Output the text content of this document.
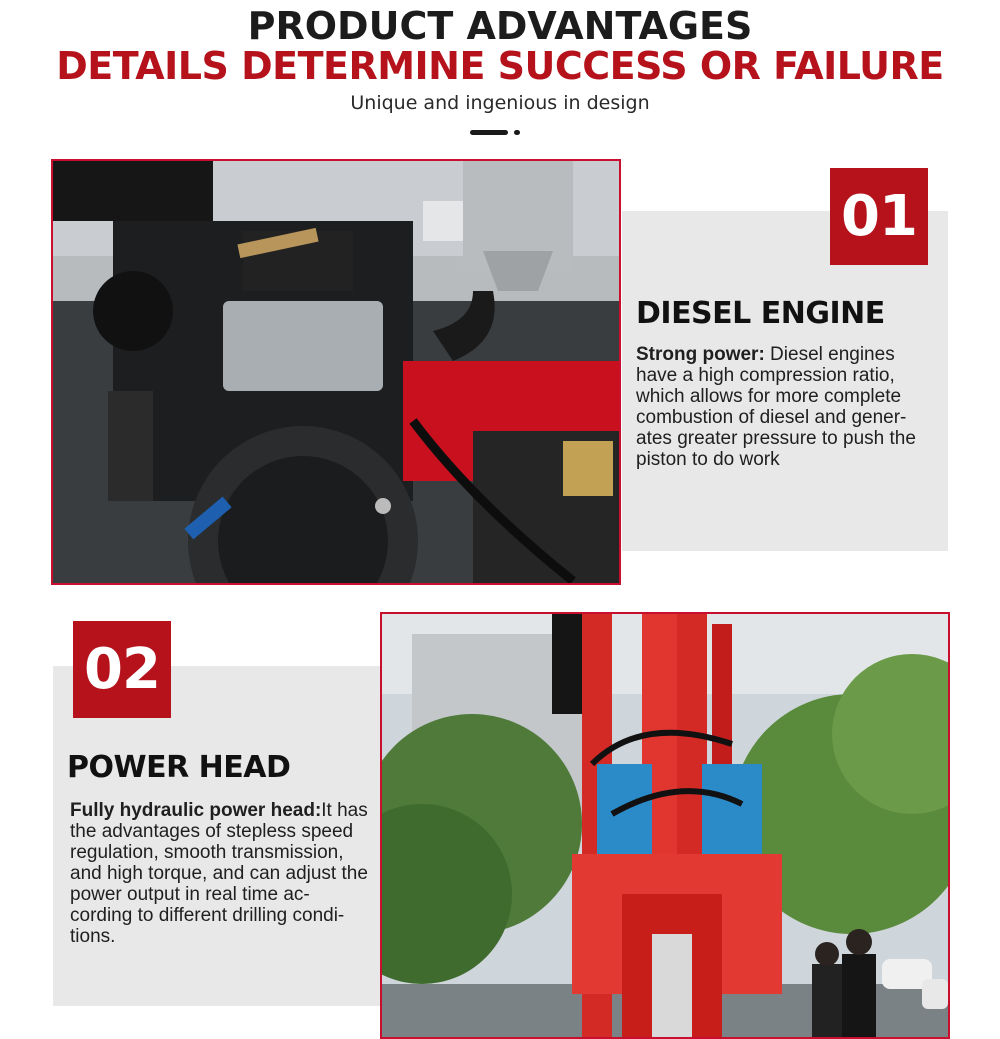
PRODUCT ADVANTAGES
DETAILS DETERMINE SUCCESS OR FAILURE
Unique and ingenious in design
01
DIESEL ENGINE
Strong power: Diesel engines have a high compression ratio, which allows for more complete combustion of diesel and gener-ates greater pressure to push the piston to do work
02
POWER HEAD
Fully hydraulic power head:It has the advantages of stepless speed regulation, smooth transmission, and high torque, and can adjust the power output in real time ac-cording to different drilling condi-tions.
